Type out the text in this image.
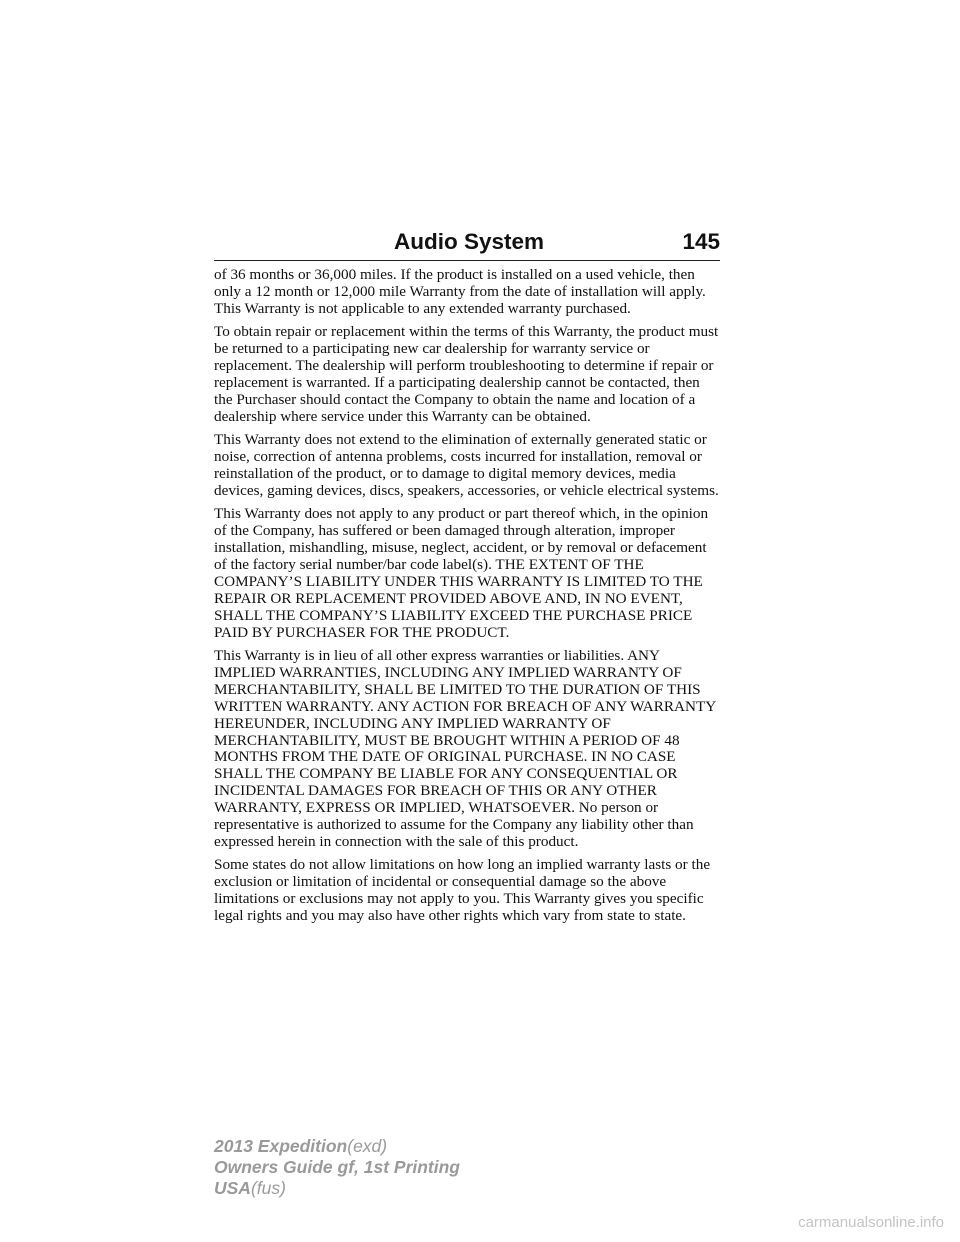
Audio System	145

of 36 months or 36,000 miles. If the product is installed on a used vehicle, then only a 12 month or 12,000 mile Warranty from the date of installation will apply. This Warranty is not applicable to any extended warranty purchased.

To obtain repair or replacement within the terms of this Warranty, the product must be returned to a participating new car dealership for warranty service or replacement. The dealership will perform troubleshooting to determine if repair or replacement is warranted. If a participating dealership cannot be contacted, then the Purchaser should contact the Company to obtain the name and location of a dealership where service under this Warranty can be obtained.

This Warranty does not extend to the elimination of externally generated static or noise, correction of antenna problems, costs incurred for installation, removal or reinstallation of the product, or to damage to digital memory devices, media devices, gaming devices, discs, speakers, accessories, or vehicle electrical systems.

This Warranty does not apply to any product or part thereof which, in the opinion of the Company, has suffered or been damaged through alteration, improper installation, mishandling, misuse, neglect, accident, or by removal or defacement of the factory serial number/bar code label(s). THE EXTENT OF THE COMPANY’S LIABILITY UNDER THIS WARRANTY IS LIMITED TO THE REPAIR OR REPLACEMENT PROVIDED ABOVE AND, IN NO EVENT, SHALL THE COMPANY’S LIABILITY EXCEED THE PURCHASE PRICE PAID BY PURCHASER FOR THE PRODUCT.

This Warranty is in lieu of all other express warranties or liabilities. ANY IMPLIED WARRANTIES, INCLUDING ANY IMPLIED WARRANTY OF MERCHANTABILITY, SHALL BE LIMITED TO THE DURATION OF THIS WRITTEN WARRANTY. ANY ACTION FOR BREACH OF ANY WARRANTY HEREUNDER, INCLUDING ANY IMPLIED WARRANTY OF MERCHANTABILITY, MUST BE BROUGHT WITHIN A PERIOD OF 48 MONTHS FROM THE DATE OF ORIGINAL PURCHASE. IN NO CASE SHALL THE COMPANY BE LIABLE FOR ANY CONSEQUENTIAL OR INCIDENTAL DAMAGES FOR BREACH OF THIS OR ANY OTHER WARRANTY, EXPRESS OR IMPLIED, WHATSOEVER. No person or representative is authorized to assume for the Company any liability other than expressed herein in connection with the sale of this product.

Some states do not allow limitations on how long an implied warranty lasts or the exclusion or limitation of incidental or consequential damage so the above limitations or exclusions may not apply to you. This Warranty gives you specific legal rights and you may also have other rights which vary from state to state.

2013 Expedition(exd)
Owners Guide gf, 1st Printing
USA(fus)
carmanualsonline.info
